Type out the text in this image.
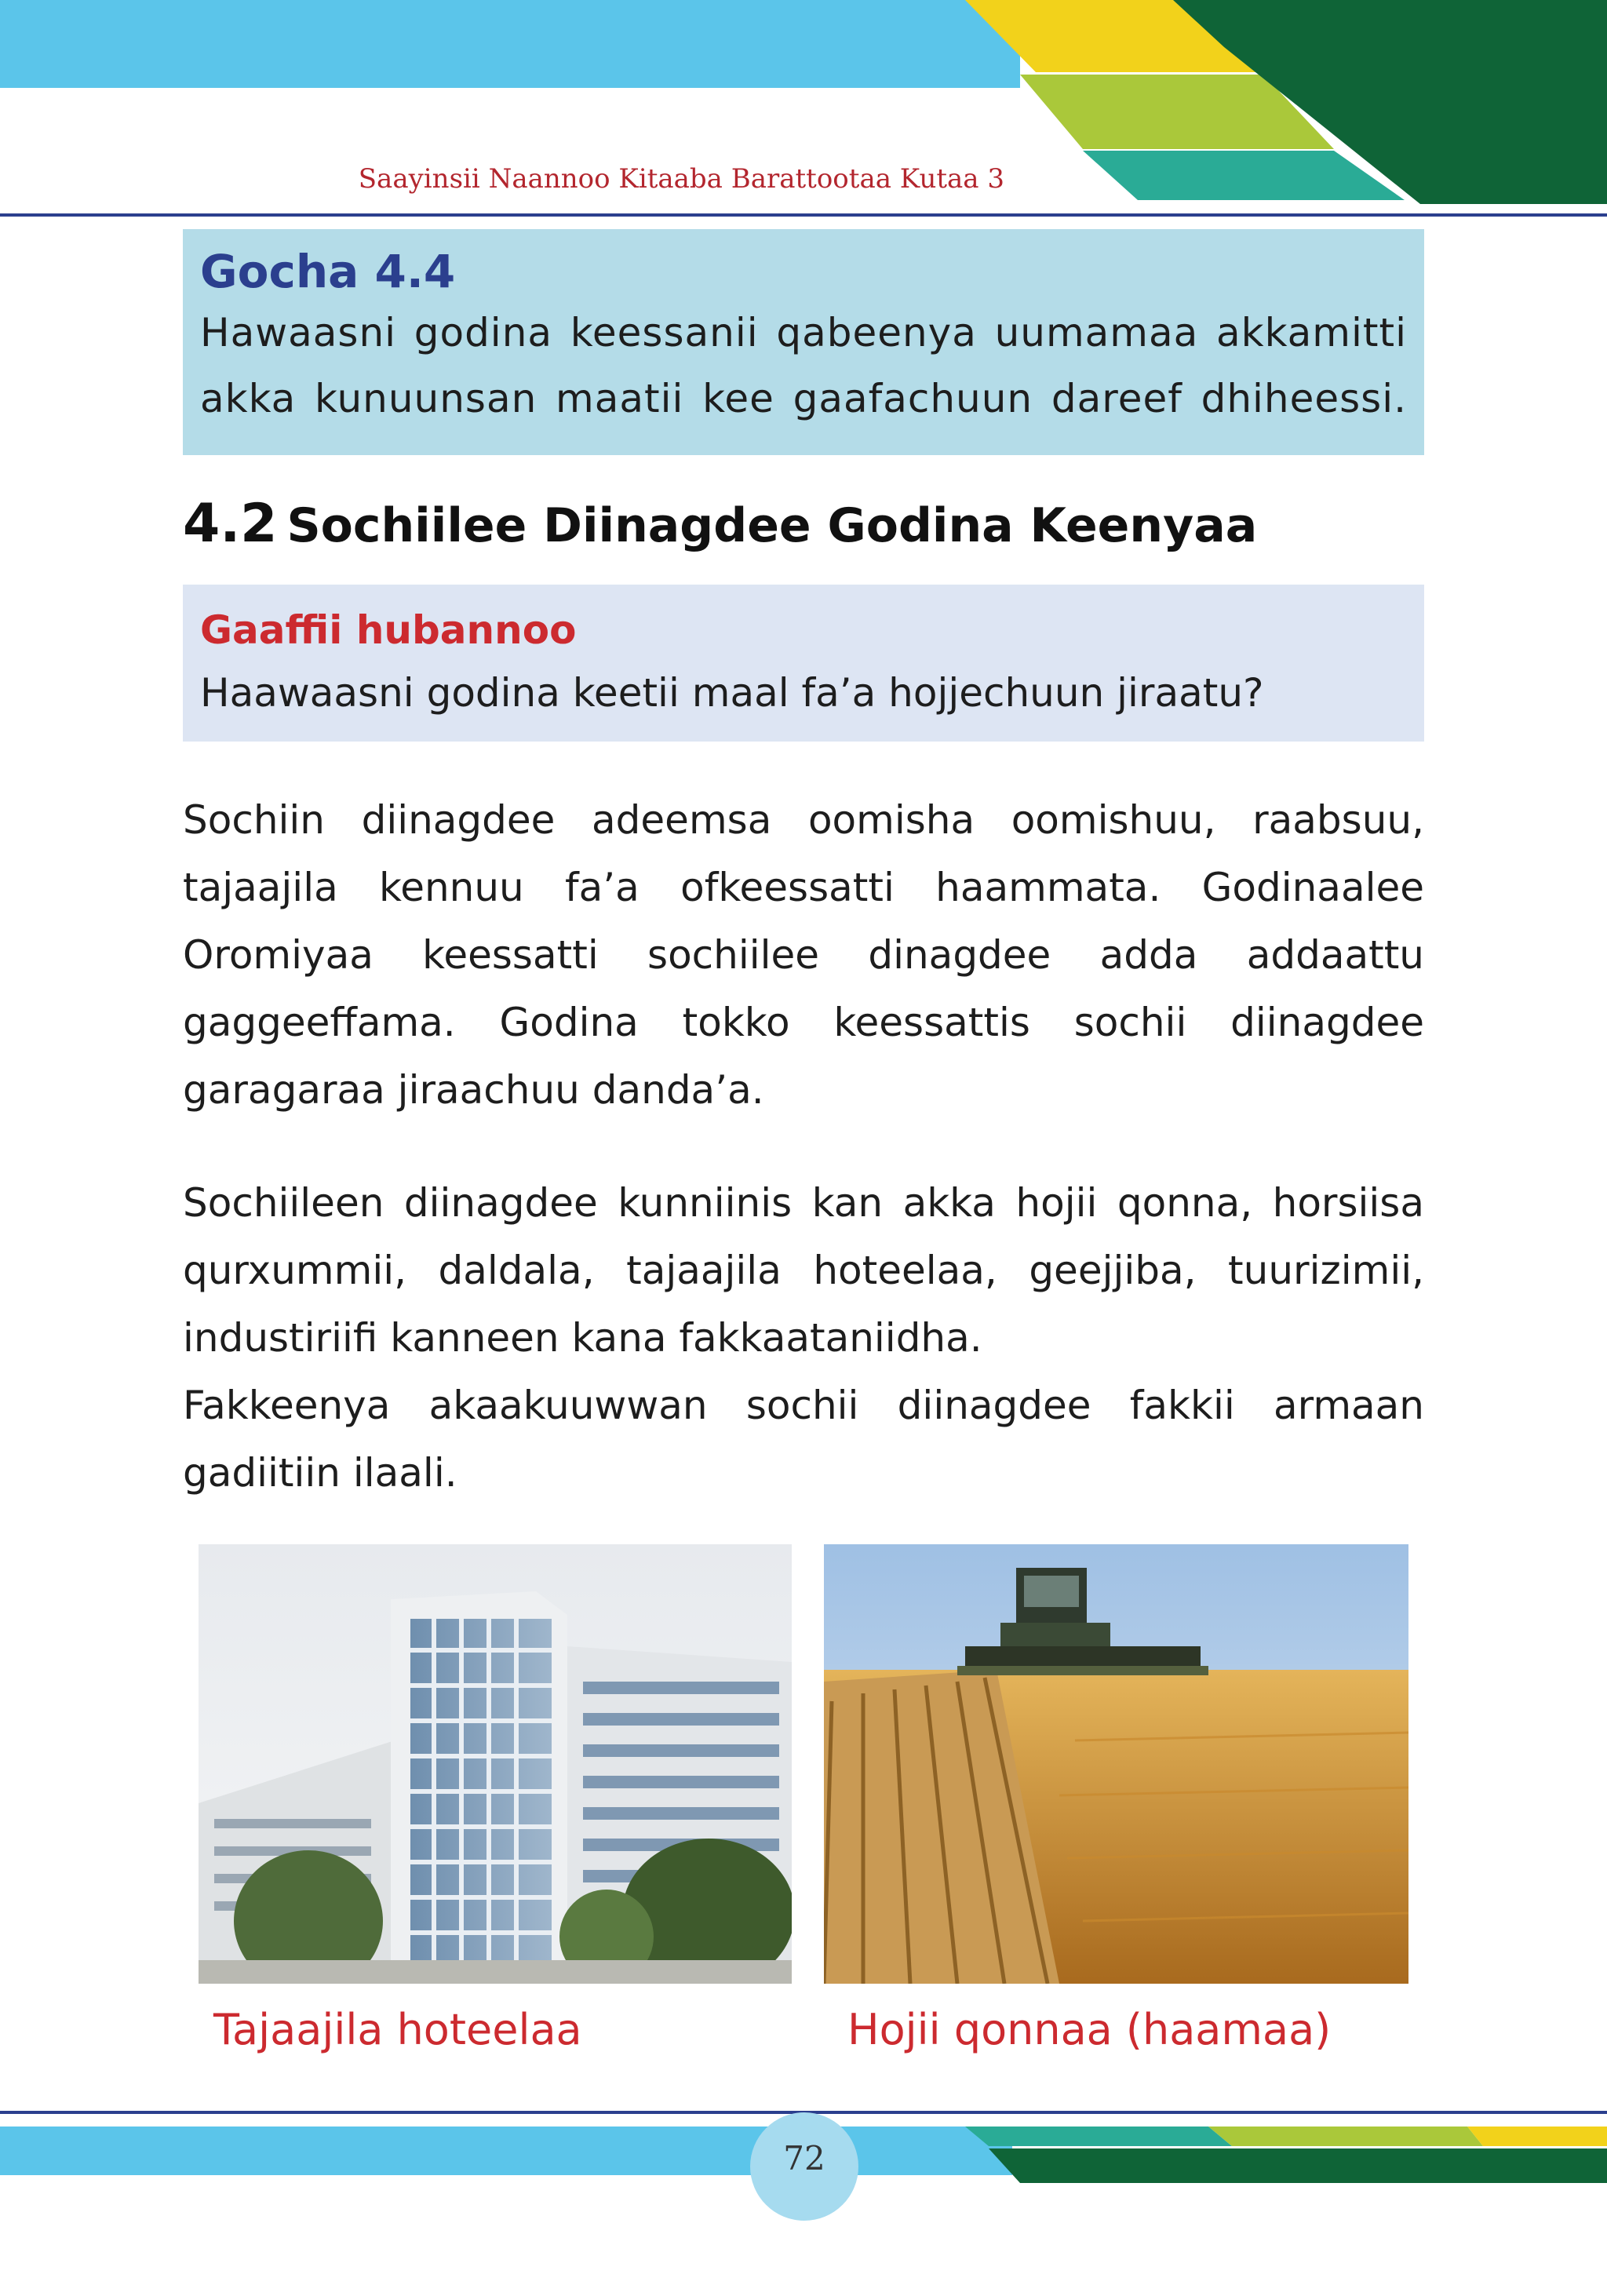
Saayinsii Naannoo Kitaaba Barattootaa Kutaa 3
Gocha 4.4
Hawaasni godina keessanii qabeenya uumamaa akkamitti akka kunuunsan maatii kee gaafachuun dareef dhiheessi.
4.2 Sochiilee Diinagdee Godina Keenyaa
Gaaffii hubannoo
Haawaasni godina keetii maal fa’a hojjechuun jiraatu?
Sochiin diinagdee adeemsa oomisha oomishuu, raabsuu, tajaajila kennuu fa’a ofkeessatti haammata. Godinaalee Oromiyaa keessatti sochiilee dinagdee adda addaattu gaggeeffama. Godina tokko keessattis sochii diinagdee garagaraa jiraachuu danda’a.
Sochiileen diinagdee kunniinis kan akka hojii qonna, horsiisa qurxummii, daldala, tajaajila hoteelaa, geejjiba, tuurizimii, industiriifi kanneen kana fakkaataniidha.
Fakkeenya akaakuuwwan sochii diinagdee fakkii armaan gadiitiin ilaali.
Tajaajila hoteelaa	Hojii qonnaa (haamaa)
72
